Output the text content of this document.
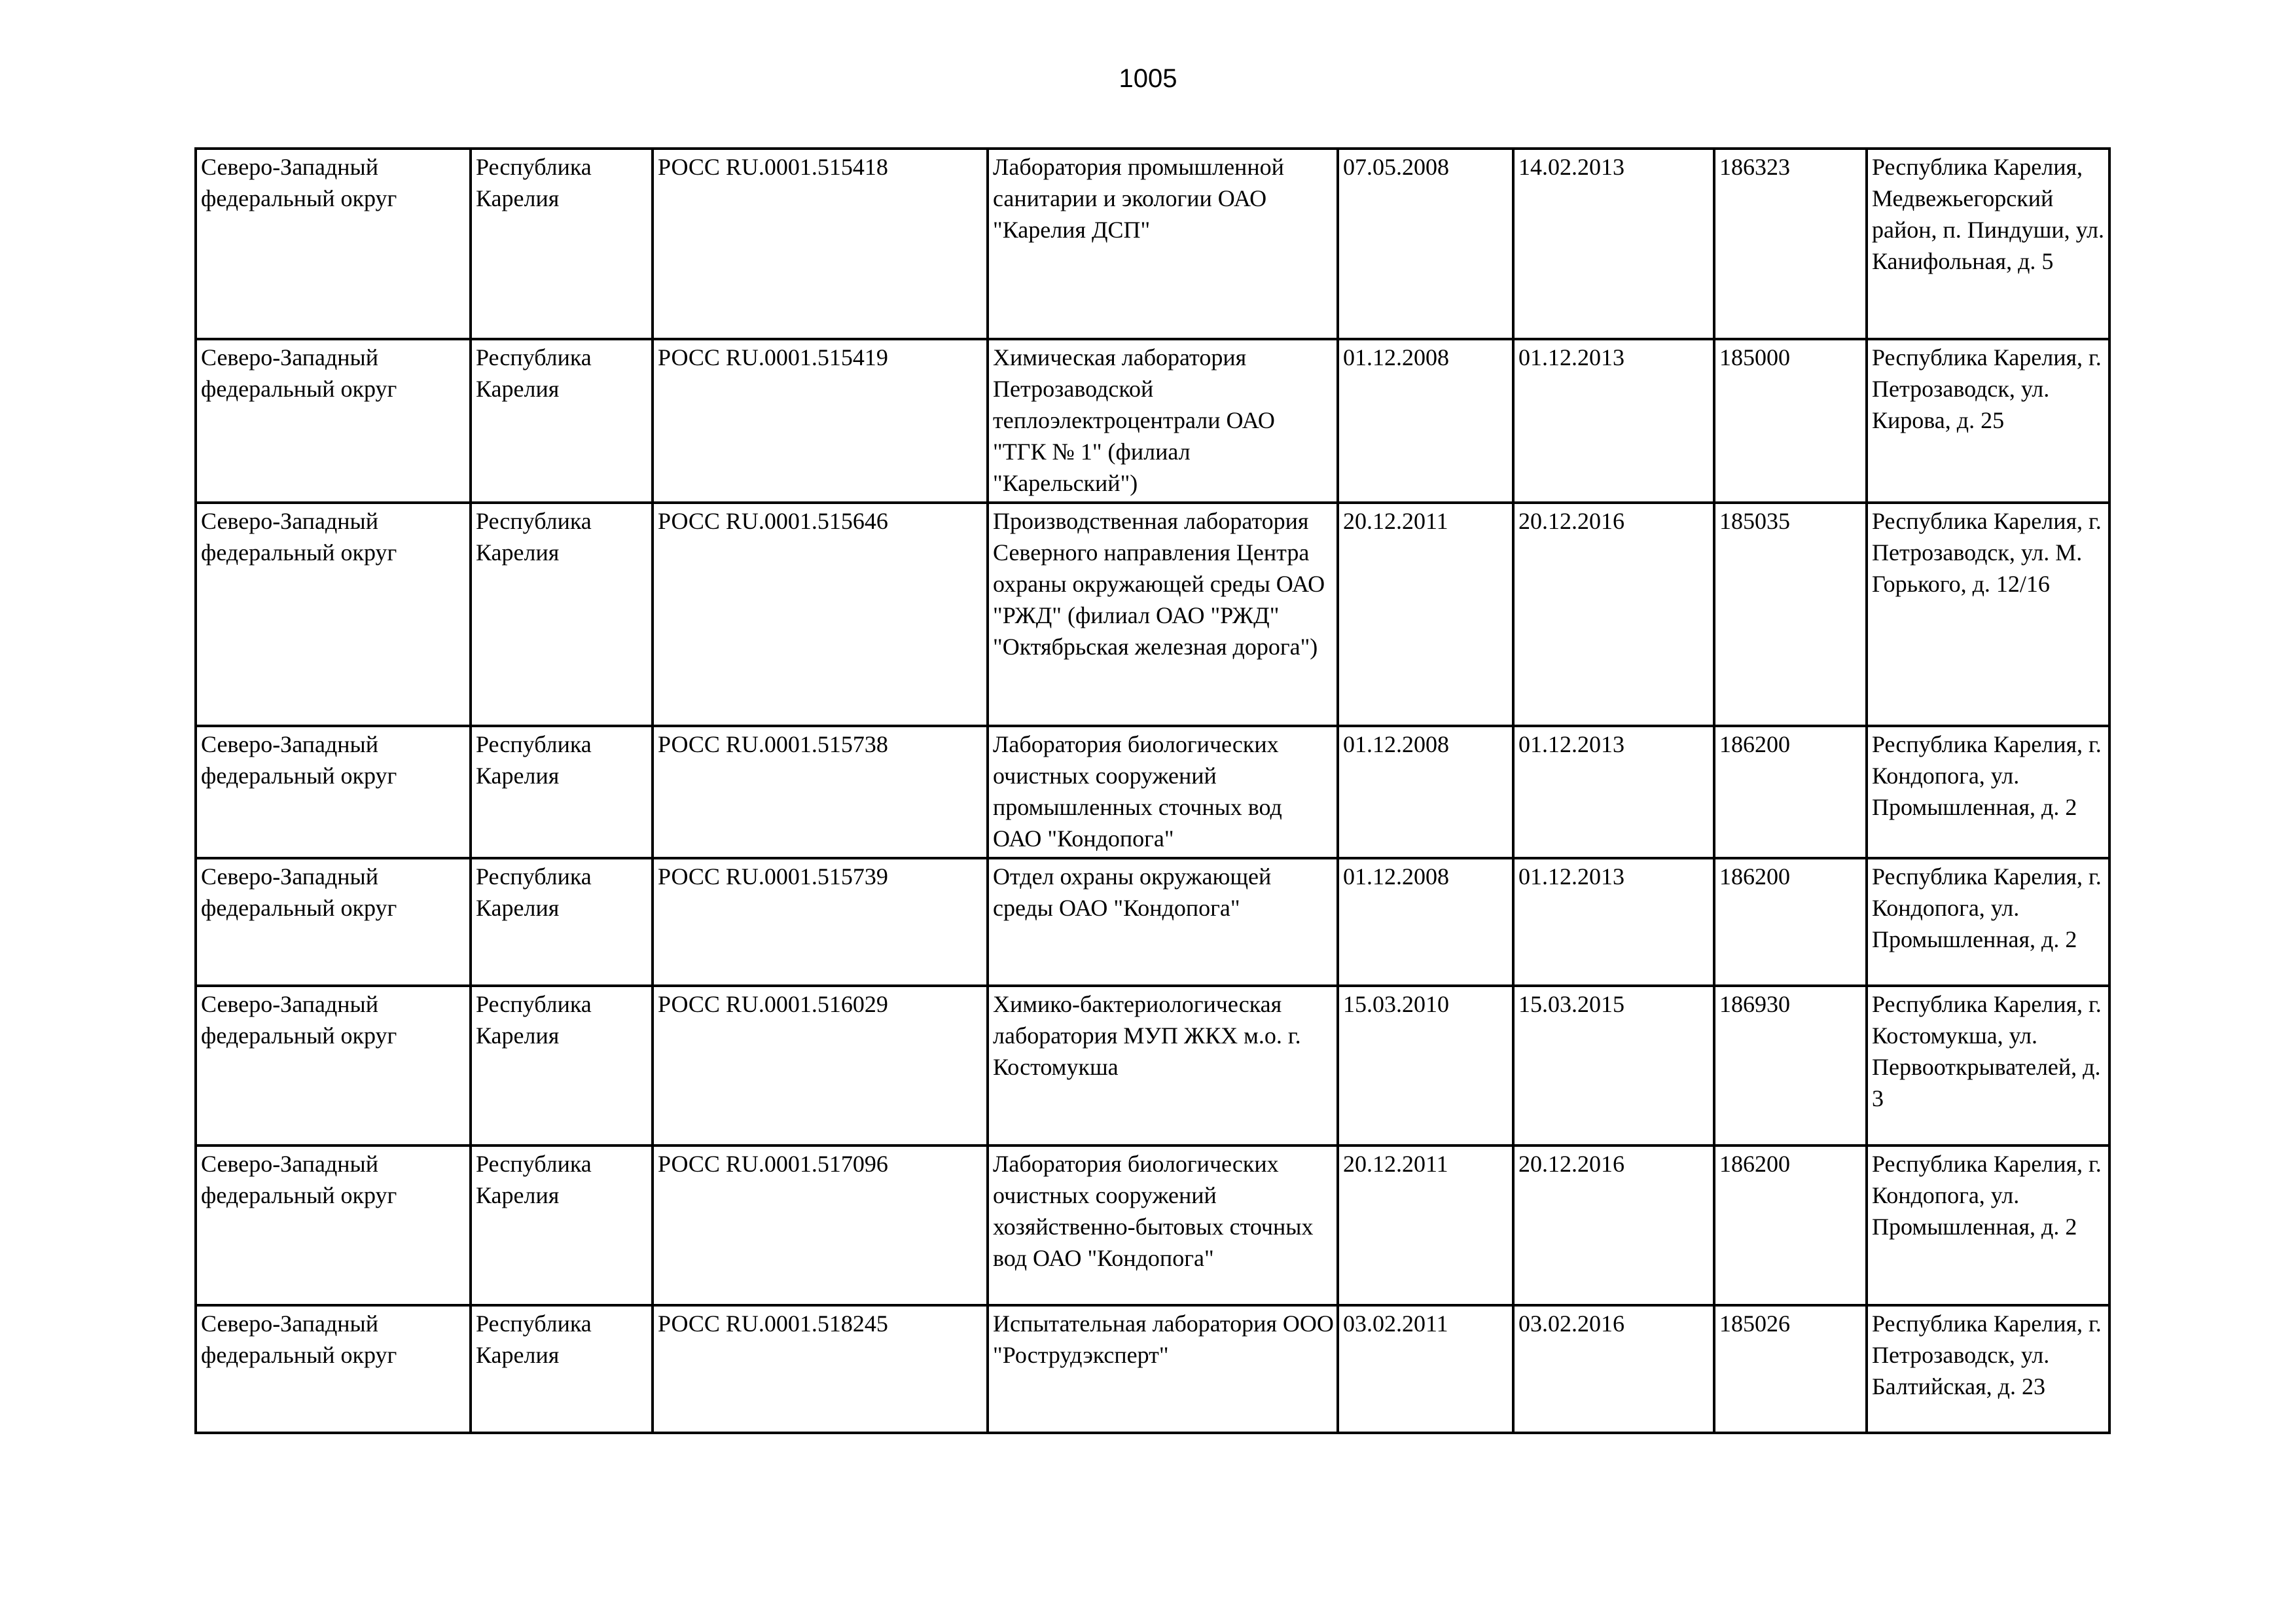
1005
Северо-Западный федеральный округ	Республика Карелия	РОСС RU.0001.515418	Лаборатория промышленной санитарии и экологии ОАО "Карелия ДСП"	07.05.2008	14.02.2013	186323	Республика Карелия, Медвежьегорский район, п. Пиндуши, ул. Канифольная, д. 5
Северо-Западный федеральный округ	Республика Карелия	РОСС RU.0001.515419	Химическая лаборатория Петрозаводской теплоэлектроцентрали ОАО "ТГК № 1" (филиал "Карельский")	01.12.2008	01.12.2013	185000	Республика Карелия, г. Петрозаводск, ул. Кирова, д. 25
Северо-Западный федеральный округ	Республика Карелия	РОСС RU.0001.515646	Производственная лаборатория Северного направления Центра охраны окружающей среды ОАО "РЖД" (филиал ОАО "РЖД" "Октябрьская железная дорога")	20.12.2011	20.12.2016	185035	Республика Карелия, г. Петрозаводск, ул. М. Горького, д. 12/16
Северо-Западный федеральный округ	Республика Карелия	РОСС RU.0001.515738	Лаборатория биологических очистных сооружений промышленных сточных вод ОАО "Кондопога"	01.12.2008	01.12.2013	186200	Республика Карелия, г. Кондопога, ул. Промышленная, д. 2
Северо-Западный федеральный округ	Республика Карелия	РОСС RU.0001.515739	Отдел охраны окружающей среды ОАО "Кондопога"	01.12.2008	01.12.2013	186200	Республика Карелия, г. Кондопога, ул. Промышленная, д. 2
Северо-Западный федеральный округ	Республика Карелия	РОСС RU.0001.516029	Химико-бактериологическая лаборатория МУП ЖКХ м.о. г. Костомукша	15.03.2010	15.03.2015	186930	Республика Карелия, г. Костомукша, ул. Первооткрывателей, д. 3
Северо-Западный федеральный округ	Республика Карелия	РОСС RU.0001.517096	Лаборатория биологических очистных сооружений хозяйственно-бытовых сточных вод ОАО "Кондопога"	20.12.2011	20.12.2016	186200	Республика Карелия, г. Кондопога, ул. Промышленная, д. 2
Северо-Западный федеральный округ	Республика Карелия	РОСС RU.0001.518245	Испытательная лаборатория ООО "Рострудэксперт"	03.02.2011	03.02.2016	185026	Республика Карелия, г. Петрозаводск, ул. Балтийская, д. 23
